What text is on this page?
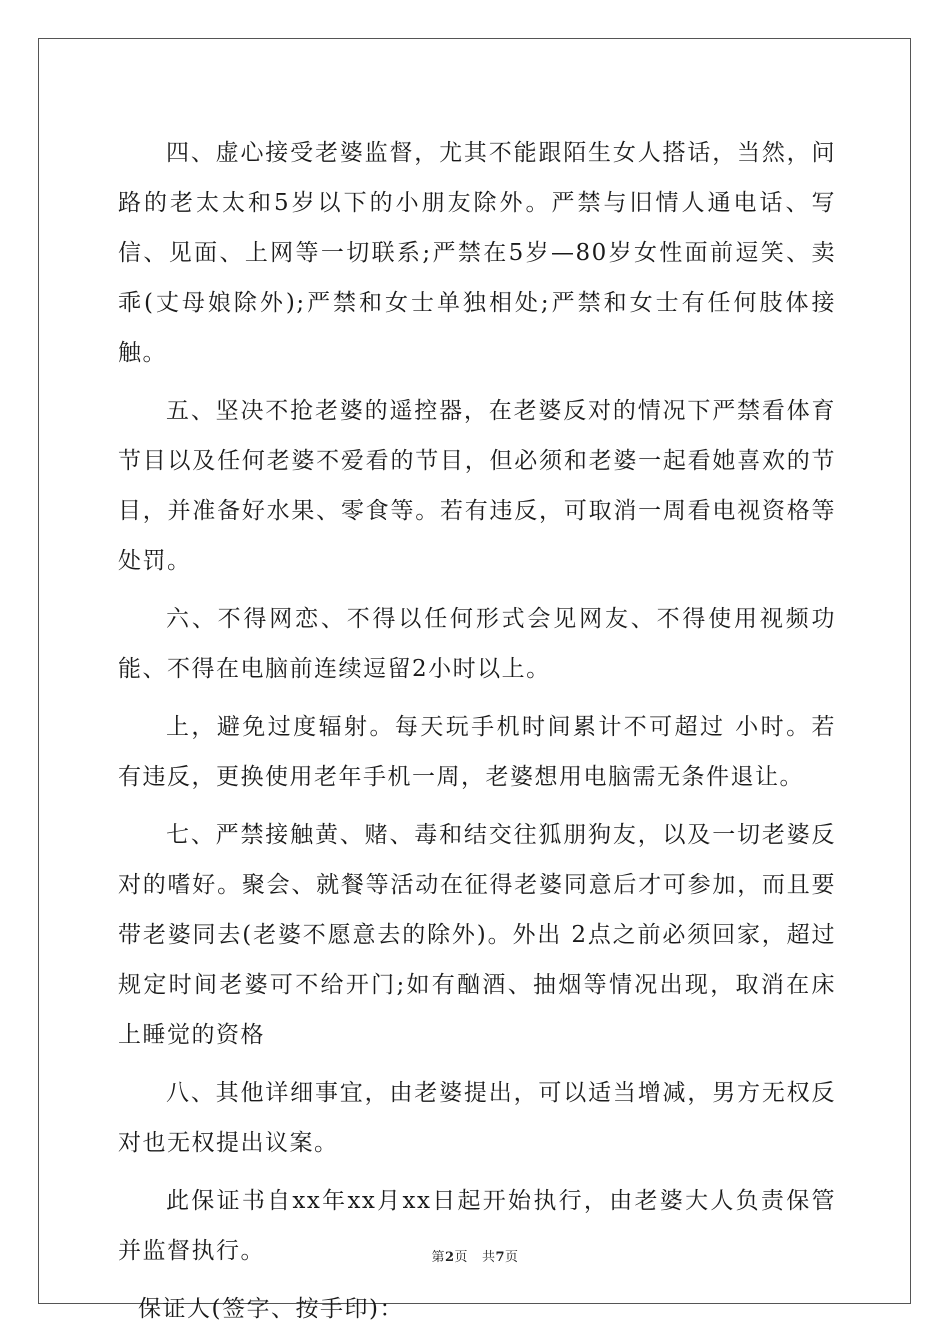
四、虚心接受老婆监督，尤其不能跟陌生女人搭话，当然，问路的老太太和5岁以下的小朋友除外。严禁与旧情人通电话、写信、见面、上网等一切联系;严禁在5岁—80岁女性面前逗笑、卖乖(丈母娘除外);严禁和女士单独相处;严禁和女士有任何肢体接触。

五、坚决不抢老婆的遥控器，在老婆反对的情况下严禁看体育节目以及任何老婆不爱看的节目，但必须和老婆一起看她喜欢的节目，并准备好水果、零食等。若有违反，可取消一周看电视资格等处罚。

六、不得网恋、不得以任何形式会见网友、不得使用视频功能、不得在电脑前连续逗留2小时以上。

上，避免过度辐射。每天玩手机时间累计不可超过 小时。若有违反，更换使用老年手机一周，老婆想用电脑需无条件退让。

七、严禁接触黄、赌、毒和结交往狐朋狗友，以及一切老婆反对的嗜好。聚会、就餐等活动在征得老婆同意后才可参加，而且要带老婆同去(老婆不愿意去的除外)。外出 2点之前必须回家，超过规定时间老婆可不给开门;如有酗酒、抽烟等情况出现，取消在床上睡觉的资格

八、其他详细事宜，由老婆提出，可以适当增减，男方无权反对也无权提出议案。

此保证书自xx年xx月xx日起开始执行，由老婆大人负责保管并监督执行。

保证人(签字、按手印)：

第2页 共7页
